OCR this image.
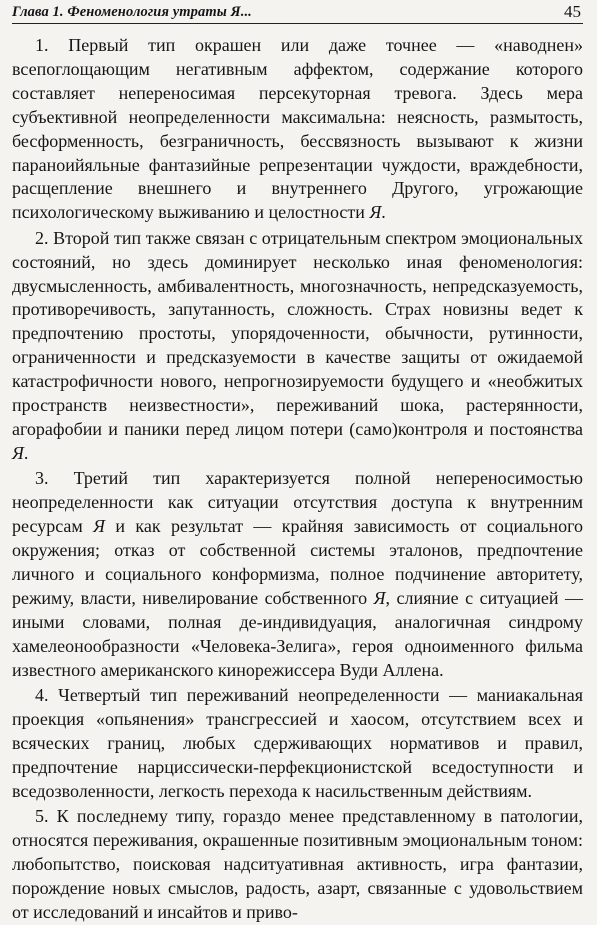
Глава 1. Феноменология утраты Я...	45

1. Первый тип окрашен или даже точнее — «наводнен» всепоглощающим негативным аффектом, содержание которого составляет непереносимая персекуторная тревога. Здесь мера субъективной неопределенности максимальна: неясность, размытость, бесформенность, безграничность, бессвязность вызывают к жизни параноийяльные фантазийные репрезентации чуждости, враждебности, расщепление внешнего и внутреннего Другого, угрожающие психологическому выживанию и целостности Я.

2. Второй тип также связан с отрицательным спектром эмоциональных состояний, но здесь доминирует несколько иная феноменология: двусмысленность, амбивалентность, многозначность, непредсказуемость, противоречивость, запутанность, сложность. Страх новизны ведет к предпочтению простоты, упорядоченности, обычности, рутинности, ограниченности и предсказуемости в качестве защиты от ожидаемой катастрофичности нового, непрогнозируемости будущего и «необжитых пространств неизвестности», переживаний шока, растерянности, агорафобии и паники перед лицом потери (само)контроля и постоянства Я.

3. Третий тип характеризуется полной непереносимостью неопределенности как ситуации отсутствия доступа к внутренним ресурсам Я и как результат — крайняя зависимость от социального окружения; отказ от собственной системы эталонов, предпочтение личного и социального конформизма, полное подчинение авторитету, режиму, власти, нивелирование собственного Я, слияние с ситуацией — иными словами, полная де-индивидуация, аналогичная синдрому хамелеонообразности «Человека-Зелига», героя одноименного фильма известного американского кинорежиссера Вуди Аллена.

4. Четвертый тип переживаний неопределенности — маниакальная проекция «опьянения» трансгрессией и хаосом, отсутствием всех и всяческих границ, любых сдерживающих нормативов и правил, предпочтение нарциссически-перфекционистской вседоступности и вседозволенности, легкость перехода к насильственным действиям.

5. К последнему типу, гораздо менее представленному в патологии, относятся переживания, окрашенные позитивным эмоциональным тоном: любопытство, поисковая надситуативная активность, игра фантазии, порождение новых смыслов, радость, азарт, связанные с удовольствием от исследований и инсайтов и приво-
